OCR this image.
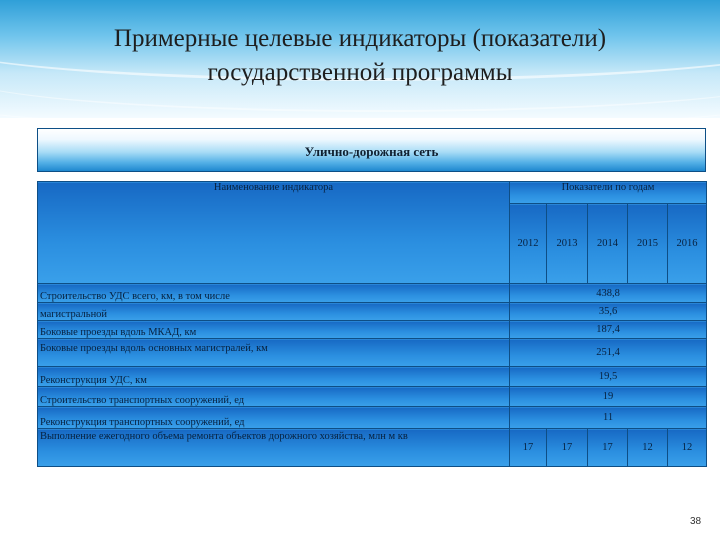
Примерные целевые индикаторы (показатели)
государственной программы
Улично-дорожная сеть
Наименование индикатора	Показатели по годам				
	2012	2013	2014	2015	2016
Строительство УДС всего, км, в том числе	438,8				
магистральной	35,6				
Боковые проезды вдоль МКАД, км	187,4				
Боковые проезды вдоль основных магистралей, км	251,4				
Реконструкция УДС, км	19,5				
Строительство транспортных сооружений, ед	19				
Реконструкция транспортных сооружений, ед	11				
Выполнение ежегодного объема ремонта объектов дорожного хозяйства, млн м кв	17	17	17	12	12
38
